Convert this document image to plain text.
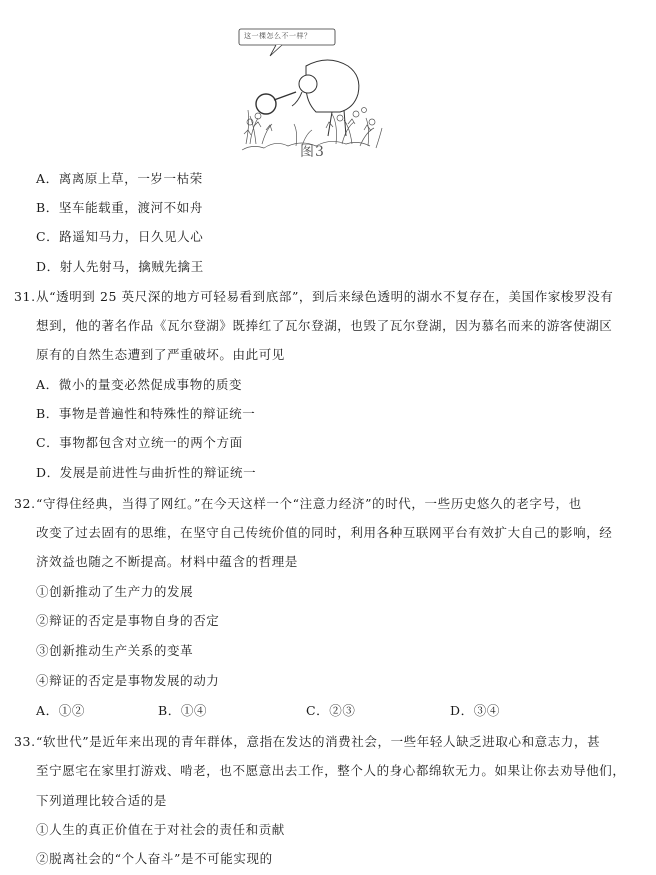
这一棵怎么不一样？
图3
A．离离原上草，一岁一枯荣
B．坚车能载重，渡河不如舟
C．路遥知马力，日久见人心
D．射人先射马，擒贼先擒王
31. 从“透明到 25 英尺深的地方可轻易看到底部”，到后来绿色透明的湖水不复存在，美国作家梭罗没有
想到，他的著名作品《瓦尔登湖》既捧红了瓦尔登湖，也毁了瓦尔登湖，因为慕名而来的游客使湖区
原有的自然生态遭到了严重破坏。由此可见
A．微小的量变必然促成事物的质变
B．事物是普遍性和特殊性的辩证统一
C．事物都包含对立统一的两个方面
D．发展是前进性与曲折性的辩证统一
32. “守得住经典，当得了网红。”在今天这样一个“注意力经济”的时代，一些历史悠久的老字号，也
改变了过去固有的思维，在坚守自己传统价值的同时，利用各种互联网平台有效扩大自己的影响，经
济效益也随之不断提高。材料中蕴含的哲理是
①创新推动了生产力的发展
②辩证的否定是事物自身的否定
③创新推动生产关系的变革
④辩证的否定是事物发展的动力
A．①②	B．①④	C．②③	D．③④
33. “软世代”是近年来出现的青年群体，意指在发达的消费社会，一些年轻人缺乏进取心和意志力，甚
至宁愿宅在家里打游戏、啃老，也不愿意出去工作，整个人的身心都绵软无力。如果让你去劝导他们，
下列道理比较合适的是
①人生的真正价值在于对社会的责任和贡献
②脱离社会的“个人奋斗”是不可能实现的
